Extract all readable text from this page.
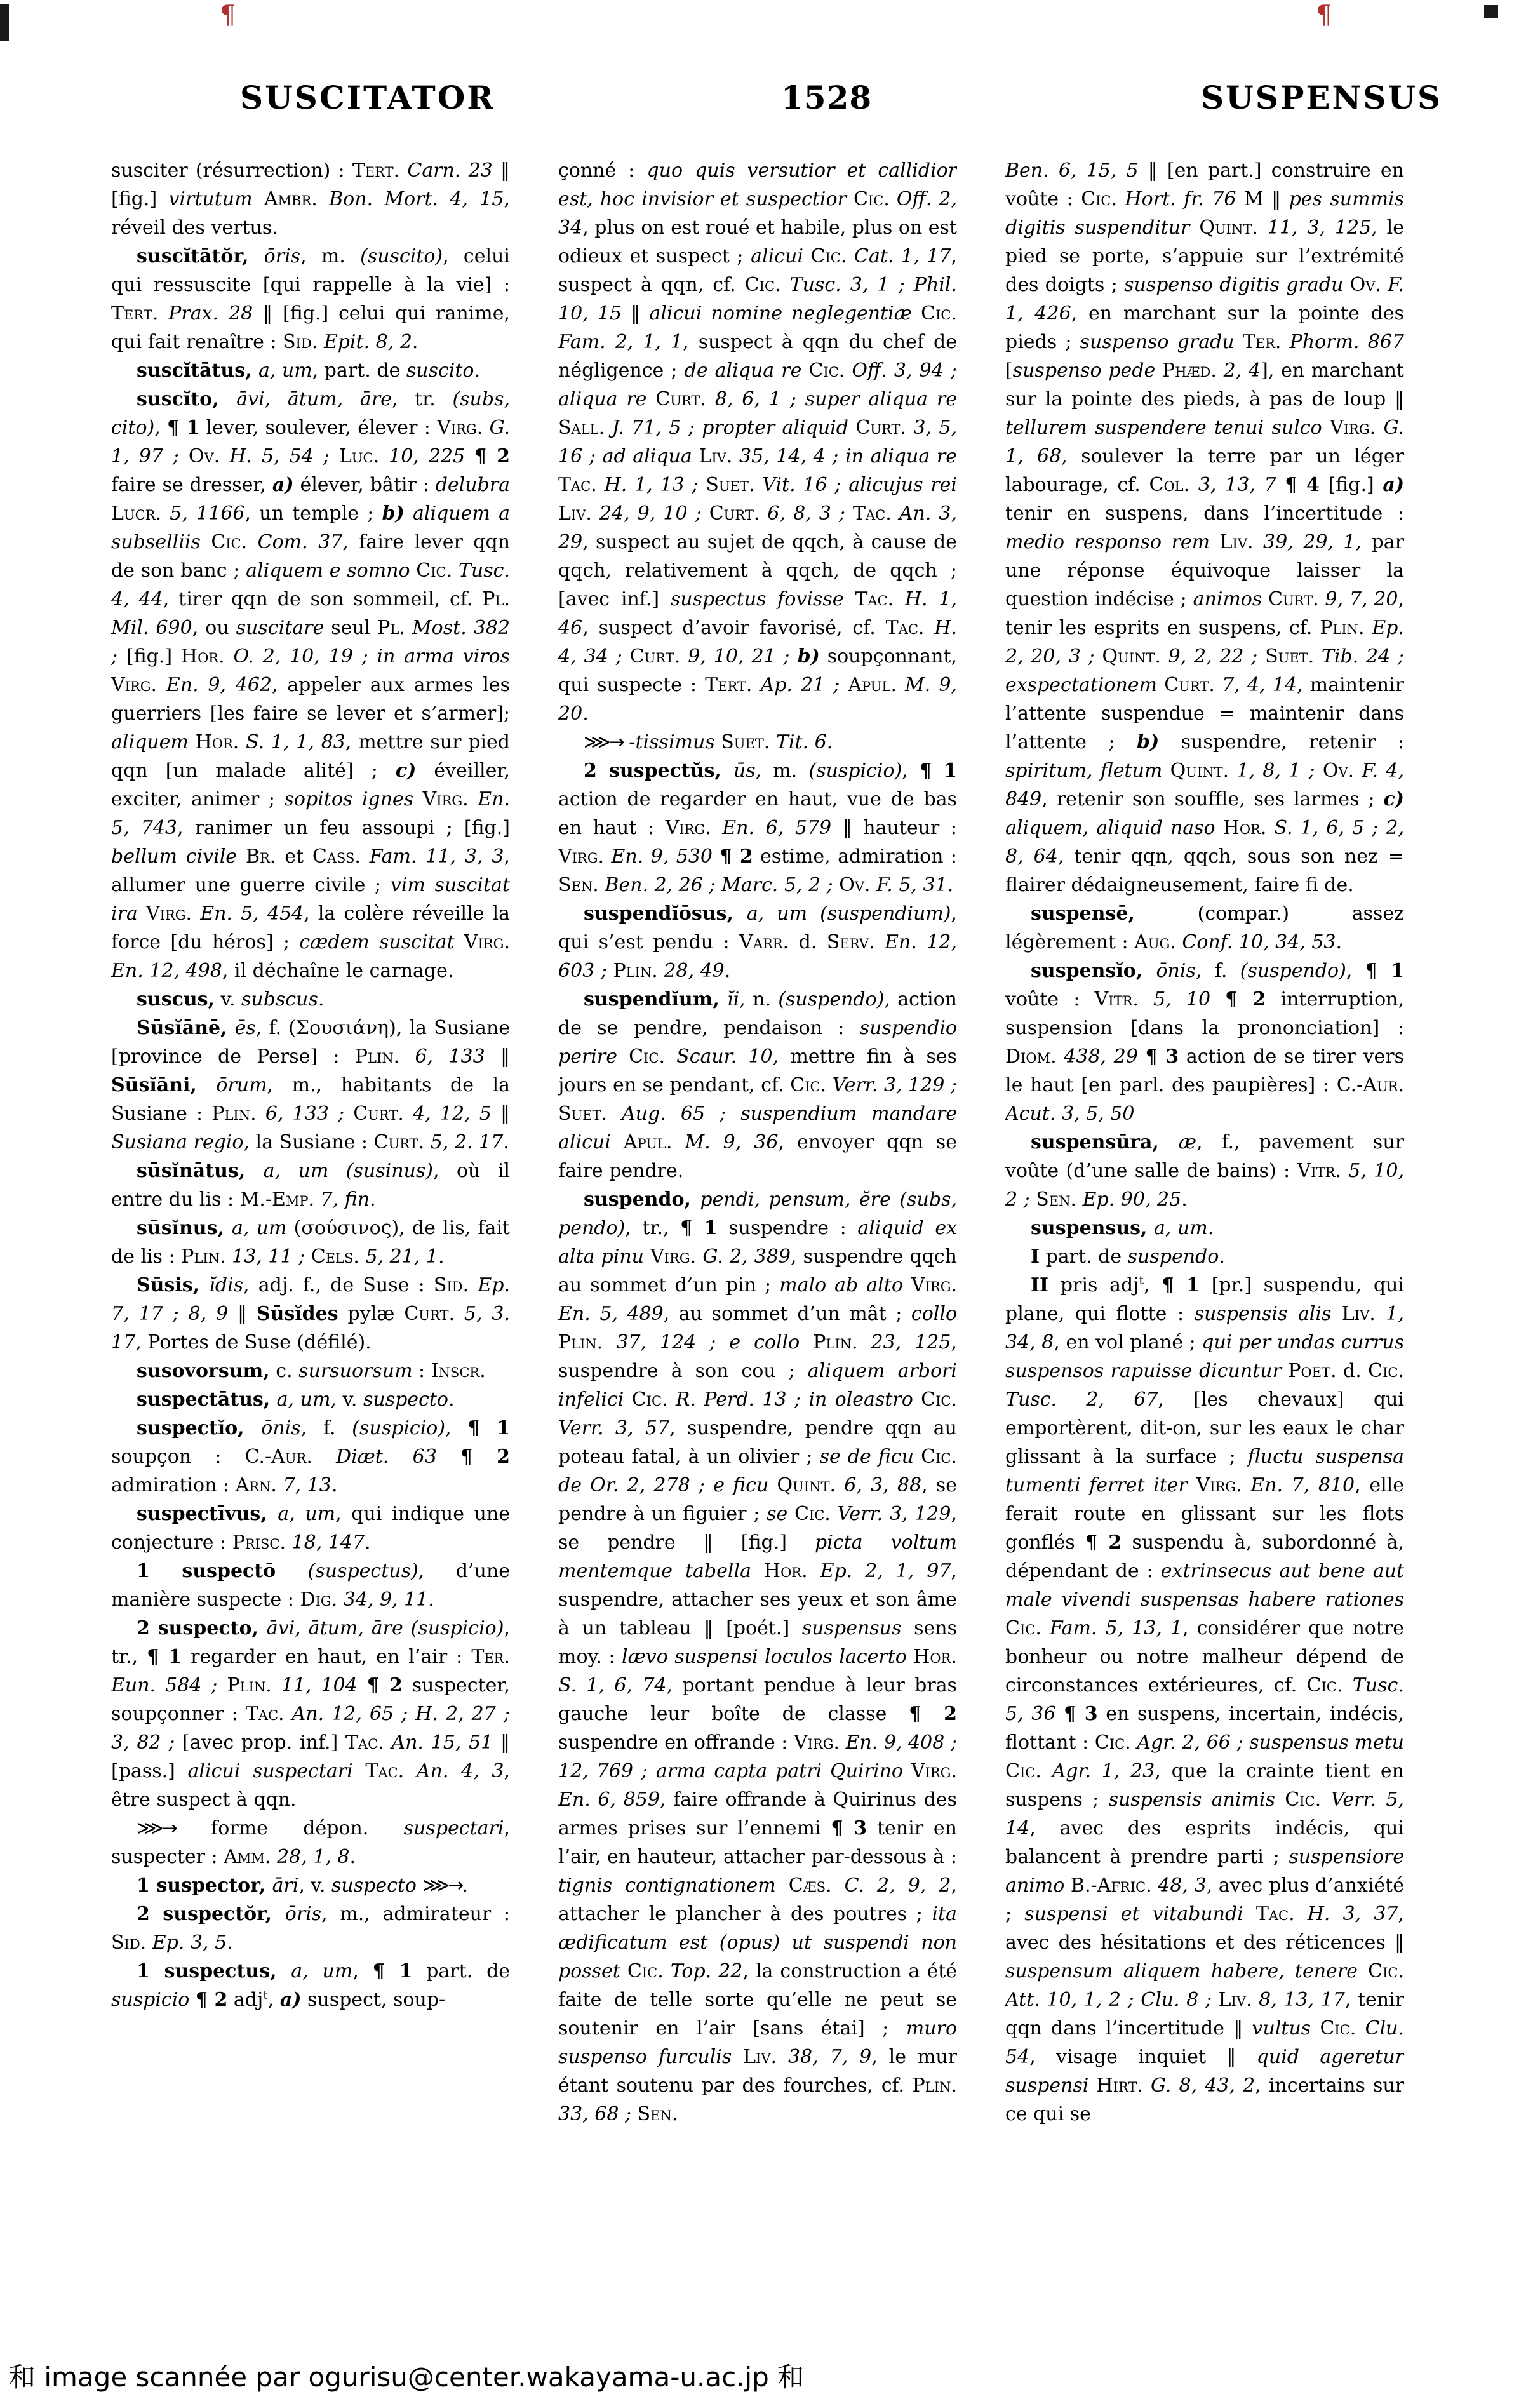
SUSCITATOR	1528	SUSPENSUS
¶	¶

susciter (résurrection) : Tert. Carn. 23 ‖ [fig.] virtutum Ambr. Bon. Mort. 4, 15, réveil des vertus.

suscĭtātŏr, ōris, m. (suscito), celui qui ressuscite [qui rappelle à la vie] : Tert. Prax. 28 ‖ [fig.] celui qui ranime, qui fait renaître : Sid. Epit. 8, 2.

suscĭtātus, a, um, part. de suscito.

suscĭto, āvi, ātum, āre, tr. (subs, cito), ¶ 1 lever, soulever, élever : Virg. G. 1, 97 ; Ov. H. 5, 54 ; Luc. 10, 225 ¶ 2 faire se dresser, a) élever, bâtir : delubra Lucr. 5, 1166, un temple ; b) aliquem a subselliis Cic. Com. 37, faire lever qqn de son banc ; aliquem e somno Cic. Tusc. 4, 44, tirer qqn de son sommeil, cf. Pl. Mil. 690, ou suscitare seul Pl. Most. 382 ; [fig.] Hor. O. 2, 10, 19 ; in arma viros Virg. En. 9, 462, appeler aux armes les guerriers [les faire se lever et s’armer]; aliquem Hor. S. 1, 1, 83, mettre sur pied qqn [un malade alité] ; c) éveiller, exciter, animer ; sopitos ignes Virg. En. 5, 743, ranimer un feu assoupi ; [fig.] bellum civile Br. et Cass. Fam. 11, 3, 3, allumer une guerre civile ; vim suscitat ira Virg. En. 5, 454, la colère réveille la force [du héros] ; cædem suscitat Virg. En. 12, 498, il déchaîne le carnage.

suscus, v. subscus.

Sūsĭānē, ēs, f. (Σουσιάνη), la Susiane [province de Perse] : Plin. 6, 133 ‖ Sūsĭāni, ōrum, m., habitants de la Susiane : Plin. 6, 133 ; Curt. 4, 12, 5 ‖ Susiana regio, la Susiane : Curt. 5, 2. 17.

sūsĭnātus, a, um (susinus), où il entre du lis : M.-Emp. 7, fin.

sūsĭnus, a, um (σούσινος), de lis, fait de lis : Plin. 13, 11 ; Cels. 5, 21, 1.

Sūsis, ĭdis, adj. f., de Suse : Sid. Ep. 7, 17 ; 8, 9 ‖ Sūsĭdes pylæ Curt. 5, 3. 17, Portes de Suse (défilé).

susovorsum, c. sursuorsum : Inscr.

suspectātus, a, um, v. suspecto.

suspectĭo, ōnis, f. (suspicio), ¶ 1 soupçon : C.-Aur. Diæt. 63 ¶ 2 admiration : Arn. 7, 13.

suspectīvus, a, um, qui indique une conjecture : Prisc. 18, 147.

1 suspectō (suspectus), d’une manière suspecte : Dig. 34, 9, 11.

2 suspecto, āvi, ātum, āre (suspicio), tr., ¶ 1 regarder en haut, en l’air : Ter. Eun. 584 ; Plin. 11, 104 ¶ 2 suspecter, soupçonner : Tac. An. 12, 65 ; H. 2, 27 ; 3, 82 ; [avec prop. inf.] Tac. An. 15, 51 ‖ [pass.] alicui suspectari Tac. An. 4, 3, être suspect à qqn.

⋙→ forme dépon. suspectari, suspecter : Amm. 28, 1, 8.

1 suspector, āri, v. suspecto ⋙→.

2 suspectŏr, ōris, m., admirateur : Sid. Ep. 3, 5.

1 suspectus, a, um, ¶ 1 part. de suspicio ¶ 2 adj$^t$, a) suspect, soup-

çonné : quo quis versutior et callidior est, hoc invisior et suspectior Cic. Off. 2, 34, plus on est roué et habile, plus on est odieux et suspect ; alicui Cic. Cat. 1, 17, suspect à qqn, cf. Cic. Tusc. 3, 1 ; Phil. 10, 15 ‖ alicui nomine neglegentiæ Cic. Fam. 2, 1, 1, suspect à qqn du chef de négligence ; de aliqua re Cic. Off. 3, 94 ; aliqua re Curt. 8, 6, 1 ; super aliqua re Sall. J. 71, 5 ; propter aliquid Curt. 3, 5, 16 ; ad aliqua Liv. 35, 14, 4 ; in aliqua re Tac. H. 1, 13 ; Suet. Vit. 16 ; alicujus rei Liv. 24, 9, 10 ; Curt. 6, 8, 3 ; Tac. An. 3, 29, suspect au sujet de qqch, à cause de qqch, relativement à qqch, de qqch ; [avec inf.] suspectus fovisse Tac. H. 1, 46, suspect d’avoir favorisé, cf. Tac. H. 4, 34 ; Curt. 9, 10, 21 ; b) soupçonnant, qui suspecte : Tert. Ap. 21 ; Apul. M. 9, 20.

⋙→ -tissimus Suet. Tit. 6.

2 suspectŭs, ūs, m. (suspicio), ¶ 1 action de regarder en haut, vue de bas en haut : Virg. En. 6, 579 ‖ hauteur : Virg. En. 9, 530 ¶ 2 estime, admiration : Sen. Ben. 2, 26 ; Marc. 5, 2 ; Ov. F. 5, 31.

suspendĭōsus, a, um (suspendium), qui s’est pendu : Varr. d. Serv. En. 12, 603 ; Plin. 28, 49.

suspendĭum, ĭi, n. (suspendo), action de se pendre, pendaison : suspendio perire Cic. Scaur. 10, mettre fin à ses jours en se pendant, cf. Cic. Verr. 3, 129 ; Suet. Aug. 65 ; suspendium mandare alicui Apul. M. 9, 36, envoyer qqn se faire pendre.

suspendo, pendi, pensum, ĕre (subs, pendo), tr., ¶ 1 suspendre : aliquid ex alta pinu Virg. G. 2, 389, suspendre qqch au sommet d’un pin ; malo ab alto Virg. En. 5, 489, au sommet d’un mât ; collo Plin. 37, 124 ; e collo Plin. 23, 125, suspendre à son cou ; aliquem arbori infelici Cic. R. Perd. 13 ; in oleastro Cic. Verr. 3, 57, suspendre, pendre qqn au poteau fatal, à un olivier ; se de ficu Cic. de Or. 2, 278 ; e ficu Quint. 6, 3, 88, se pendre à un figuier ; se Cic. Verr. 3, 129, se pendre ‖ [fig.] picta voltum mentemque tabella Hor. Ep. 2, 1, 97, suspendre, attacher ses yeux et son âme à un tableau ‖ [poét.] suspensus sens moy. : lævo suspensi loculos lacerto Hor. S. 1, 6, 74, portant pendue à leur bras gauche leur boîte de classe ¶ 2 suspendre en offrande : Virg. En. 9, 408 ; 12, 769 ; arma capta patri Quirino Virg. En. 6, 859, faire offrande à Quirinus des armes prises sur l’ennemi ¶ 3 tenir en l’air, en hauteur, attacher par-dessous à : tignis contignationem Cæs. C. 2, 9, 2, attacher le plancher à des poutres ; ita ædificatum est (opus) ut suspendi non posset Cic. Top. 22, la construction a été faite de telle sorte qu’elle ne peut se soutenir en l’air [sans étai] ; muro suspenso furculis Liv. 38, 7, 9, le mur étant soutenu par des fourches, cf. Plin. 33, 68 ; Sen.

Ben. 6, 15, 5 ‖ [en part.] construire en voûte : Cic. Hort. fr. 76 M ‖ pes summis digitis suspenditur Quint. 11, 3, 125, le pied se porte, s’appuie sur l’extrémité des doigts ; suspenso digitis gradu Ov. F. 1, 426, en marchant sur la pointe des pieds ; suspenso gradu Ter. Phorm. 867 [suspenso pede Phæd. 2, 4], en marchant sur la pointe des pieds, à pas de loup ‖ tellurem suspendere tenui sulco Virg. G. 1, 68, soulever la terre par un léger labourage, cf. Col. 3, 13, 7 ¶ 4 [fig.] a) tenir en suspens, dans l’incertitude : medio responso rem Liv. 39, 29, 1, par une réponse équivoque laisser la question indécise ; animos Curt. 9, 7, 20, tenir les esprits en suspens, cf. Plin. Ep. 2, 20, 3 ; Quint. 9, 2, 22 ; Suet. Tib. 24 ; exspectationem Curt. 7, 4, 14, maintenir l’attente suspendue = maintenir dans l’attente ; b) suspendre, retenir : spiritum, fletum Quint. 1, 8, 1 ; Ov. F. 4, 849, retenir son souffle, ses larmes ; c) aliquem, aliquid naso Hor. S. 1, 6, 5 ; 2, 8, 64, tenir qqn, qqch, sous son nez = flairer dédaigneusement, faire fi de.

suspensē, (compar.) assez légèrement : Aug. Conf. 10, 34, 53.

suspensĭo, ōnis, f. (suspendo), ¶ 1 voûte : Vitr. 5, 10 ¶ 2 interruption, suspension [dans la prononciation] : Diom. 438, 29 ¶ 3 action de se tirer vers le haut [en parl. des paupières] : C.-Aur. Acut. 3, 5, 50

suspensūra, æ, f., pavement sur voûte (d’une salle de bains) : Vitr. 5, 10, 2 ; Sen. Ep. 90, 25.

suspensus, a, um.

I part. de suspendo.

II pris adj$^t$, ¶ 1 [pr.] suspendu, qui plane, qui flotte : suspensis alis Liv. 1, 34, 8, en vol plané ; qui per undas currus suspensos rapuisse dicuntur Poet. d. Cic. Tusc. 2, 67, [les chevaux] qui emportèrent, dit-on, sur les eaux le char glissant à la surface ; fluctu suspensa tumenti ferret iter Virg. En. 7, 810, elle ferait route en glissant sur les flots gonflés ¶ 2 suspendu à, subordonné à, dépendant de : extrinsecus aut bene aut male vivendi suspensas habere rationes Cic. Fam. 5, 13, 1, considérer que notre bonheur ou notre malheur dépend de circonstances extérieures, cf. Cic. Tusc. 5, 36 ¶ 3 en suspens, incertain, indécis, flottant : Cic. Agr. 2, 66 ; suspensus metu Cic. Agr. 1, 23, que la crainte tient en suspens ; suspensis animis Cic. Verr. 5, 14, avec des esprits indécis, qui balancent à prendre parti ; suspensiore animo B.-Afric. 48, 3, avec plus d’anxiété ; suspensi et vitabundi Tac. H. 3, 37, avec des hésitations et des réticences ‖ suspensum aliquem habere, tenere Cic. Att. 10, 1, 2 ; Clu. 8 ; Liv. 8, 13, 17, tenir qqn dans l’incertitude ‖ vultus Cic. Clu. 54, visage inquiet ‖ quid ageretur suspensi Hirt. G. 8, 43, 2, incertains sur ce qui se

和 image scannée par ogurisu@center.wakayama-u.ac.jp 和
